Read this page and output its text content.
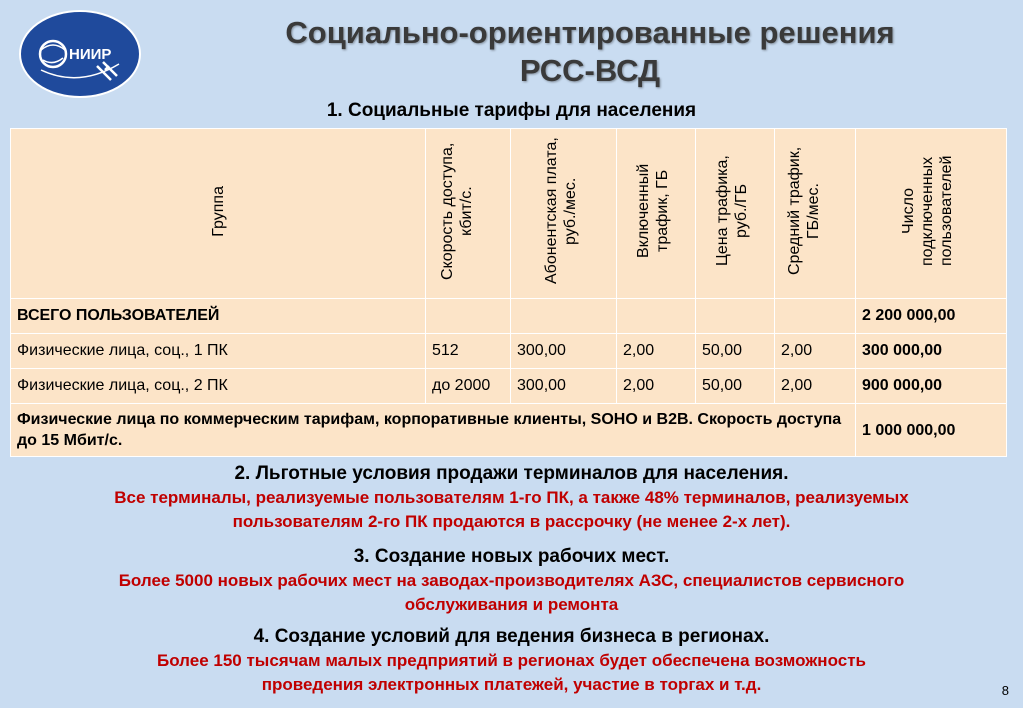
НИИР
Социально-ориентированные решения
РСС-ВСД
1. Социальные тарифы для населения
Группа	Скорость доступа, кбит/с.	Абонентская плата, руб./мес.	Включенный трафик, ГБ	Цена трафика, руб./ГБ	Средний трафик, ГБ/мес.	Число подключенных пользователей
ВСЕГО ПОЛЬЗОВАТЕЛЕЙ						2 200 000,00
Физические лица, соц., 1 ПК	512	300,00	2,00	50,00	2,00	300 000,00
Физические лица, соц., 2 ПК	до 2000	300,00	2,00	50,00	2,00	900 000,00
Физические лица по коммерческим тарифам, корпоративные клиенты, SOHO и B2B. Скорость доступа до 15 Мбит/с.						1 000 000,00
2. Льготные условия продажи терминалов для населения.
Все терминалы, реализуемые пользователям 1-го ПК, а также 48% терминалов, реализуемых
пользователям 2-го ПК продаются в рассрочку (не менее 2-х лет).
3. Создание новых рабочих мест.
Более 5000 новых рабочих мест на заводах-производителях АЗС, специалистов сервисного
обслуживания и ремонта
4. Создание условий для ведения бизнеса в регионах.
Более 150 тысячам малых предприятий в регионах будет обеспечена возможность
проведения электронных платежей, участие в торгах и т.д.	8
